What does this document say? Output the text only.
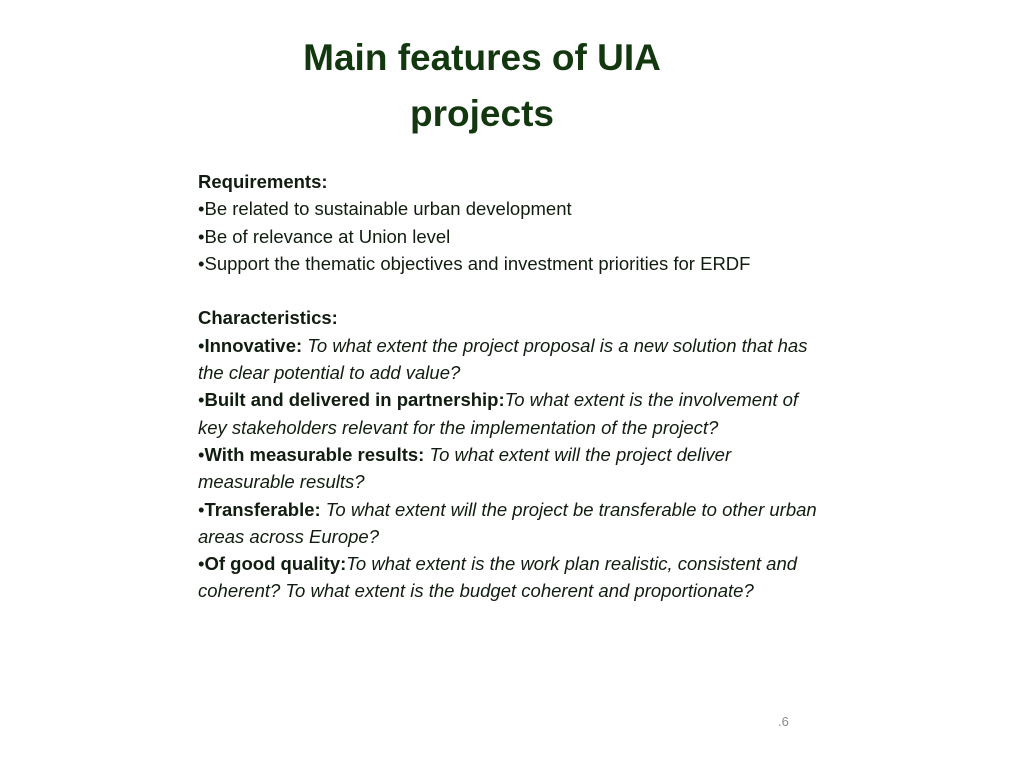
Main features of UIA
projects
Requirements:
•Be related to sustainable urban development
•Be of relevance at Union level
•Support the thematic objectives and investment priorities for ERDF
Characteristics:
•Innovative: To what extent the project proposal is a new solution that has the clear potential to add value?
•Built and delivered in partnership:To what extent is the involvement of key stakeholders relevant for the implementation of the project?
•With measurable results: To what extent will the project deliver measurable results?
•Transferable: To what extent will the project be transferable to other urban areas across Europe?
•Of good quality:To what extent is the work plan realistic, consistent and coherent? To what extent is the budget coherent and proportionate?
.6
